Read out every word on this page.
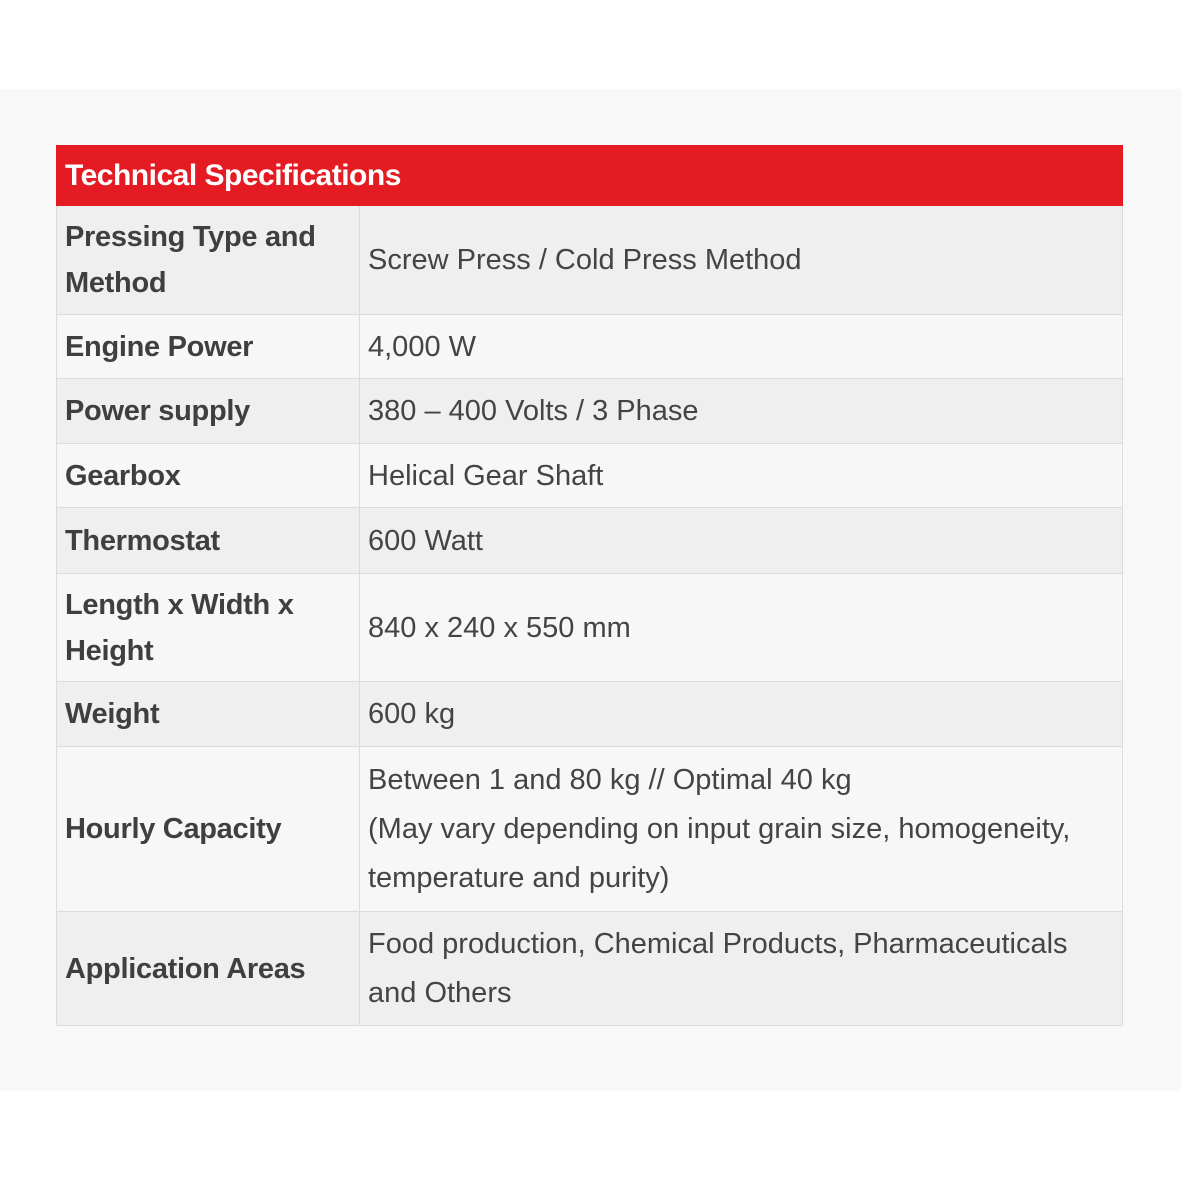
Technical Specifications	
Pressing Type and Method	Screw Press / Cold Press Method
Engine Power	4,000 W
Power supply	380 – 400 Volts / 3 Phase
Gearbox	Helical Gear Shaft
Thermostat	600 Watt
Length x Width x Height	840 x 240 x 550 mm
Weight	600 kg
Hourly Capacity	Between 1 and 80 kg // Optimal 40 kg
(May vary depending on input grain size, homogeneity, temperature and purity)

Application Areas	Food production, Chemical Products, Pharmaceuticals and Others
